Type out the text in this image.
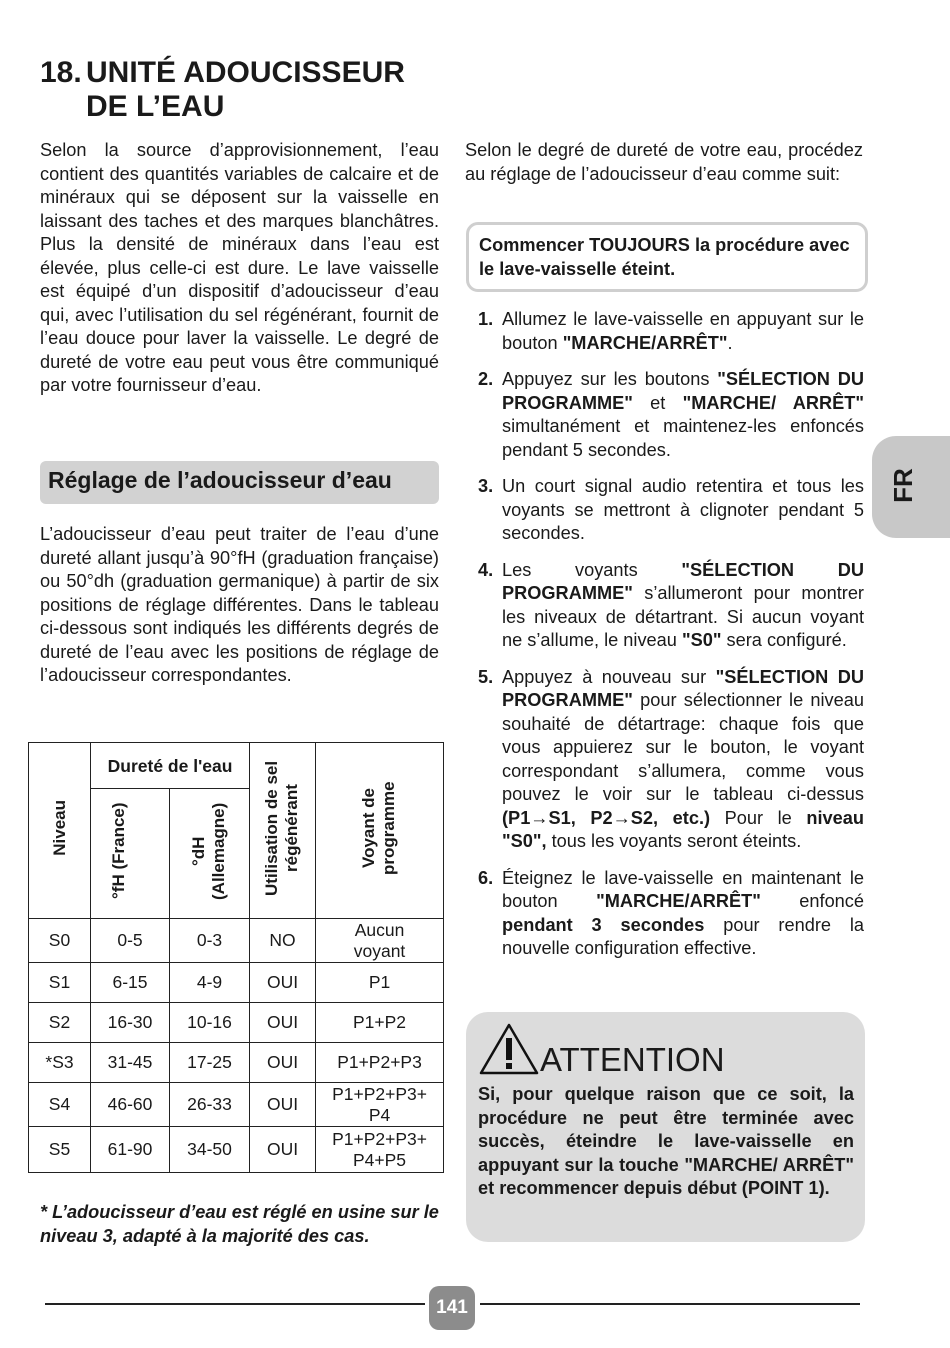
18. UNITÉ ADOUCISSEUR
DE L’EAU

Selon la source d’approvisionnement, l’eau contient des quantités variables de calcaire et de minéraux qui se déposent sur la vaisselle en laissant des taches et des marques blanchâtres. Plus la densité de minéraux dans l’eau est élevée, plus celle-ci est dure. Le lave vaisselle est équipé d’un dispositif d’adoucisseur d’eau qui, avec l’utilisation du sel régénérant, fournit de l’eau douce pour laver la vaisselle. Le degré de dureté de votre eau peut vous être communiqué par votre fournisseur d’eau.

Réglage de l’adoucisseur d’eau

L’adoucisseur d’eau peut traiter de l’eau d’une dureté allant jusqu’à 90°fH (graduation française) ou 50°dh (graduation germanique) à partir de six positions de réglage différentes. Dans le tableau ci-dessous sont indiqués les différents degrés de dureté de l’eau avec les positions de réglage de l’adoucisseur correspondantes.

Niveau	Dureté de l'eau		Utilisation de sel régénérant	Voyant de programme
	°fH (France)	°dH (Allemagne)		
S0	0-5	0-3	NO	Aucun voyant
S1	6-15	4-9	OUI	P1
S2	16-30	10-16	OUI	P1+P2
*S3	31-45	17-25	OUI	P1+P2+P3
S4	46-60	26-33	OUI	P1+P2+P3+ P4
S5	61-90	34-50	OUI	P1+P2+P3+ P4+P5
* L’adoucisseur d’eau est réglé en usine sur le niveau 3, adapté à la majorité des cas.

Selon le degré de dureté de votre eau, procédez au réglage de l’adoucisseur d’eau comme suit:

Commencer TOUJOURS la procédure avec le lave-vaisselle éteint.
1. Allumez le lave-vaisselle en appuyant sur le bouton "MARCHE/ARRÊT".
2. Appuyez sur les boutons "SÉLECTION DU PROGRAMME" et "MARCHE/ ARRÊT" simultanément et maintenez-les enfoncés pendant 5 secondes.
3. Un court signal audio retentira et tous les voyants se mettront à clignoter pendant 5 secondes.
4. Les voyants "SÉLECTION DU PROGRAMME" s’allumeront pour montrer les niveaux de détartrant. Si aucun voyant ne s’allume, le niveau "S0" sera configuré.
5. Appuyez à nouveau sur "SÉLECTION DU PROGRAMME" pour sélectionner le niveau souhaité de détartrage: chaque fois que vous appuierez sur le bouton, le voyant correspondant s’allumera, comme vous pouvez le voir sur le tableau ci-dessus (P1→S1, P2→S2, etc.) Pour le niveau "S0", tous les voyants seront éteints.
6. Éteignez le lave-vaisselle en maintenant le bouton "MARCHE/ARRÊT" enfoncé pendant 3 secondes pour rendre la nouvelle configuration effective.
ATTENTION
Si, pour quelque raison que ce soit, la procédure ne peut être terminée avec succès, éteindre le lave-vaisselle en appuyant sur la touche "MARCHE/ ARRÊT" et recommencer depuis début (POINT 1).
FR
141
